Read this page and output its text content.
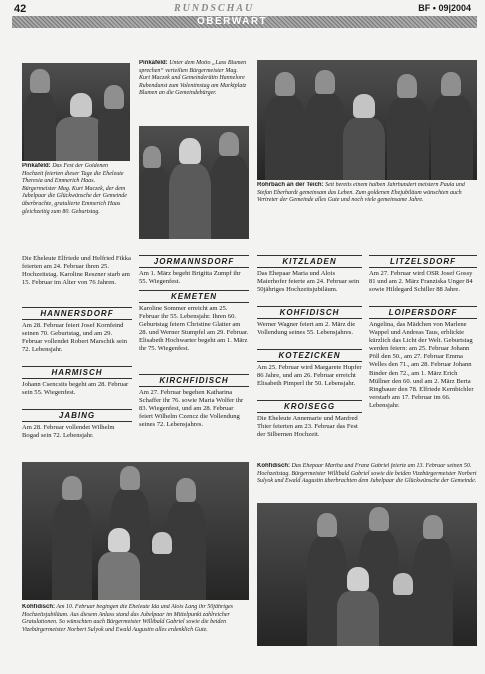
42	RUNDSCHAU	BF • 09|2004
OBERWART
Pinkafeld: Das Fest der Goldenen Hochzeit feierten dieser Tage die Eheleute Theresia und Emmerich Haas. Bürgermeister Mag. Kurt Maczek, der dem Jubelpaar die Glückwünsche der Gemeinde überbrachte, gratulierte Emmerich Haas gleichzeitig zum 80. Geburtstag.
Pinkafeld: Unter dem Motto „Lass Blumen sprechen“ verteilten Bürgermeister Mag. Kurt Maczek und Gemeinderätin Hannelore Rubendunst zum Valentinstag am Marktplatz Blumen an die Gemeindebürger.
Rohrbach an der Teich: Seit bereits einem halben Jahrhundert meistern Paula und Stefan Eberhardt gemeinsam das Leben. Zum goldenen Ehejubiläum wünschten auch Vertreter der Gemeinde alles Gute und noch viele gemeinsame Jahre.
Die Eheleute Elfriede und Helfried Fikka feierten am 24. Februar ihren 25. Hochzeitstag. Karoline Reszner starb am 15. Februar im Alter von 76 Jahren.
HANNERSDORF
Am 28. Februar feiert Josef Kornfeind seinen 70. Geburtstag, und am 29. Februar vollendet Robert Marschik sein 72. Lebensjahr.
HARMISCH
Johann Csencsits begeht am 28. Februar sein 55. Wiegenfest.
JABING
Am 28. Februar vollendet Wilhelm Bogad sein 72. Lebensjahr.
JORMANNSDORF
Am 1. März begeht Brigitta Zumpf ihr 55. Wiegenfest.
KEMETEN
Karoline Sommer erreicht am 25. Februar ihr 55. Lebensjahr. Ihren 60. Geburtstag feiern Christine Glatter am 28. und Werner Stumpfel am 29. Februar. Elisabeth Hochwarter begeht am 1. März ihr 75. Wiegenfest.
KIRCHFIDISCH
Am 27. Februar begehen Katharina Schaffer ihr 76. sowie Maria Wolfer ihr 83. Wiegenfest, und am 28. Februar feiert Wilhelm Czencz die Vollendung seines 72. Lebensjahres.
KITZLADEN
Das Ehepaar Maria und Alois Maierhofer feierte am 24. Februar sein 50jähriges Hochzeitsjubiläum.
KOHFIDISCH
Werner Wagner feiert am 2. März die Vollendung seines 55. Lebensjahres.
KOTEZICKEN
Am 25. Februar wird Margarete Hupfer 86 Jahre, und am 26. Februar erreicht Elisabeth Pimperl ihr 50. Lebensjahr.
KROISEGG
Die Eheleute Annemarie und Manfred Thier feierten am 23. Februar das Fest der Silbernen Hochzeit.
LITZELSDORF
Am 27. Februar wird OSR Josef Gossy 81 und am 2. März Franziska Unger 84 sowie Hildegard Schiller 88 Jahre.
LOIPERSDORF
Angelina, das Mädchen von Marlene Wappel und Andreas Taus, erblickte kürzlich das Licht der Welt. Geburtstag werden feiern: am 25. Februar Johann Pöll den 50., am 27. Februar Emma Welles den 71., am 28. Februar Johann Binder den 72., am 1. März Erich Müllner den 60. und am 2. März Berta Ringbauer den 78. Elfriede Kernbichler verstarb am 17. Februar im 66. Lebensjahr.
Kohfidisch: Das Ehepaar Martha und Franz Gabriel feierte am 13. Februar seinen 50. Hochzeitstag. Bürgermeister Willibald Gabriel sowie die beiden Vizebürgermeister Norbert Sulyok und Ewald Augustin überbrachten dem Jubelpaar die Glückwünsche der Gemeinde.
Kohfidisch: Am 10. Februar begingen die Eheleute Ida und Alois Lang ihr 50jähriges Hochzeitsjubiläum. Aus diesem Anlass stand das Jubelpaar im Mittelpunkt zahlreicher Gratulationen. So wünschten auch Bürgermeister Willibald Gabriel sowie die beiden Vizebürgermeister Norbert Sulyok und Ewald Augustin alles erdenklich Gute.
